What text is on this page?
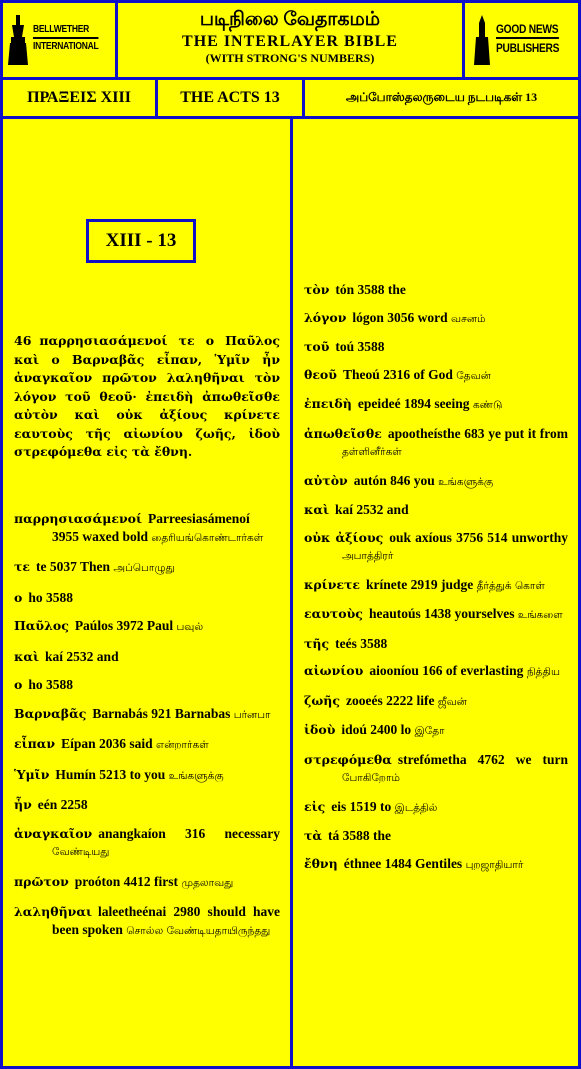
BELLWETHER
INTERNATIONAL
படிநிலை வேதாகமம்
THE INTERLAYER BIBLE
(WITH STRONG'S NUMBERS)
GOOD NEWS
PUBLISHERS
ΠΡΑΞΕΙΣ XIII	THE ACTS 13	அப்போஸ்தலருடைய நடபடிகள் 13
XIII - 13
46 παρρησιασάμενοί τε ο Παῦλος καὶ ο Βαρναβᾶς εἶπαν, Ὑμῖν ἦν ἀναγκαῖον πρῶτον λαληθῆναι τὸν λόγον τοῦ θεοῦ· ἐπειδὴ ἀπωθεῖσθε αὐτὸν καὶ οὐκ ἀξίους κρίνετε εαυτοὺς τῆς αἰωνίου ζωῆς, ἰδοὺ στρεφόμεθα εἰς τὰ ἔθνη.
παρρησιασάμενοί Parreesiasámenoí 3955 waxed bold தைரியங்கொண்டார்கள்
τε te 5037 Then அப்பொழுது
ο ho 3588
Παῦλος Paúlos 3972 Paul பவுல்
καὶ kaí 2532 and
ο ho 3588
Βαρναβᾶς Barnabás 921 Barnabas பர்னபா
εἶπαν Eípan 2036 said என்றார்கள்
Ὑμῖν Humín 5213 to you உங்களுக்கு
ἦν eén 2258
ἀναγκαῖον anangkaíon 316 necessary வேண்டியது
πρῶτον proóton 4412 first முதலாவது
λαληθῆναι laleetheénai 2980 should have been spoken சொல்ல வேண்டியதாயிருந்தது
τὸν tón 3588 the
λόγον lógon 3056 word வசனம்
τοῦ toú 3588
θεοῦ Theoú 2316 of God தேவன்
ἐπειδὴ epeideé 1894 seeing கண்டு
ἀπωθεῖσθε apootheísthe 683 ye put it from தள்ளினீர்கள்
αὐτὸν autón 846 you உங்களுக்கு
καὶ kaí 2532 and
οὐκ ἀξίους ouk axíous 3756 514 unworthy அபாத்திரர்
κρίνετε krínete 2919 judge தீர்த்துக் கொள்
εαυτοὺς heautoús 1438 yourselves உங்களை
τῆς teés 3588
αἰωνίου aiooníou 166 of everlasting நித்திய
ζωῆς zooeés 2222 life ஜீவன்
ἰδοὺ idoú 2400 lo இதோ
στρεφόμεθα strefómetha 4762 we turn போகிறோம்
εἰς eis 1519 to இடத்தில்
τὰ tá 3588 the
ἔθνη éthnee 1484 Gentiles புறஜாதியார்
